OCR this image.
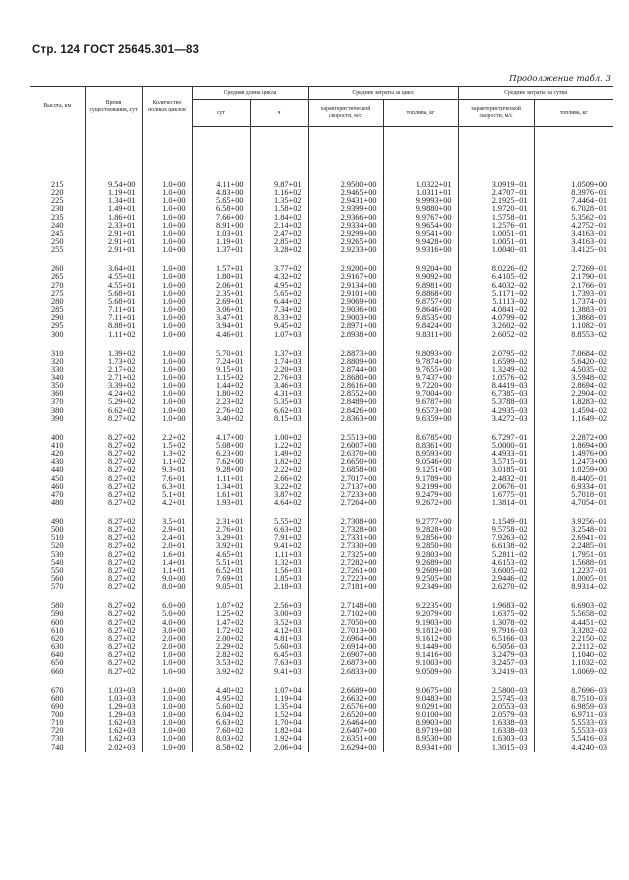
Стр. 124 ГОСТ 25645.301—83
Продолжение табл. 3
Высота, км	Время существования, сут	Количество полных циклов	Средняя длина цикла		Средние затраты за цикл		Средние затраты за сутки	
			сут	ч	характеристической скорости, м/с	топлива, кг	характеристической скорости, м/с	топлива, кг

215	9.54+00	1.0+00	4.11+00	9.87+01	2.9500+00	1.0322+01	3.0919−01	1.0509+00
220	1.19+01	1.0+00	4.83+00	1.16+02	2.9465+00	1.0311+01	2.4707−01	8.3976−01
225	1.34+01	1.0+00	5.65+00	1.35+02	2.9431+00	9.9993+00	2.1925−01	7.4464−01
230	1.49+01	1.0+00	6.58+00	1.58+02	2.9399+00	9.9880+00	1.9720−01	6.7028−01
235	1.86+01	1.0+00	7.66+00	1.84+02	2.9366+00	9.9767+00	1.5758−01	5.3562−01
240	2.33+01	1.0+00	8.91+00	2.14+02	2.9334+00	9.9654+00	1.2576−01	4.2752−01
245	2.91+01	1.0+00	1.03+01	2.47+02	2.9299+00	9.9541+00	1.0051−01	3.4163−01
250	2.91+01	1.0+00	1.19+01	2.85+02	2.9265+00	9.9428+00	1.0051−01	3.4163−01
255	2.91+01	1.0+00	1.37+01	3.28+02	2.9233+00	9.9316+00	1.0040−01	3.4125−01

260	3.64+01	1.0+00	1.57+01	3.77+02	2.9200+00	9.9204+00	8.0226−02	2.7269−01
265	4.55+01	1.0+00	1.80+01	4.32+02	2.9167+00	9.9092+00	6.4105−02	2.1790−01
270	4.55+01	1.0+00	2.06+01	4.95+02	2.9134+00	9.8981+00	6.4032−02	2.1766−01
275	5.68+01	1.0+00	2.35+01	5.65+02	2.9101+00	9.8868+00	5.1171−02	1.7393−01
280	5.68+01	1.0+00	2.69+01	6.44+02	2.9069+00	9.8757+00	5.1113−02	1.7374−01
285	7.11+01	1.0+00	3.06+01	7.34+02	2.9036+00	9.8646+00	4.0841−02	1.3883−01
290	7.11+01	1.0+00	3.47+01	8.33+02	2.9003+00	9.8535+00	4.0799−02	1.3868−01
295	8.88+01	1.0+00	3.94+01	9.45+02	2.8971+00	9.8424+00	3.2602−02	1.1082−01
300	1.11+02	1.0+00	4.46+01	1.07+03	2.8938+00	9.8311+00	2.6052−02	8.8553−02

310	1.39+02	1.0+00	5.70+01	1.37+03	2.8873+00	9.8093+00	2.0795−02	7.0684−02
320	1.73+02	1.0+00	7.24+01	1.74+03	2.8809+00	9.7874+00	1.6599−02	5.6420−02
330	2.17+02	1.0+00	9.15+01	2.20+03	2.8744+00	9.7655+00	1.3249−02	4.5035−02
340	2.71+02	1.0+00	1.15+02	2.76+03	2.8680+00	9.7437+00	1.0576−02	3.5948−02
350	3.39+02	1.0+00	1.44+02	3.46+03	2.8616+00	9.7220+00	8.4419−03	2.8694−02
360	4.24+02	1.0+00	1.80+02	4.31+03	2.8552+00	9.7004+00	6.7385−03	2.2904−02
370	5.29+02	1.0+00	2.23+02	5.35+03	2.8489+00	9.6787+00	5.3788−03	1.8283−02
380	6.62+02	1.0+00	2.76+02	6.62+03	2.8426+00	9.6573+00	4.2935−03	1.4594−02
390	8.27+02	1.0+00	3.40+02	8.15+03	2.8363+00	9.6359+00	3.4272−03	1.1649−02

400	8.27+02	2.2+02	4.17+00	1.00+02	2.5513+00	8.6785+00	6.7297−01	2.2872+00
410	8.27+02	1.5+02	5.08+00	1.22+02	2.6007+00	8.8361+00	5.0000−01	1.8694+00
420	8.27+02	1.3+02	6.23+00	1.49+02	2.6370+00	8.9593+00	4.4933−01	1.4976+00
430	8.27+02	1.1+02	7.62+00	1.82+02	2.6650+00	9.0546+00	3.5715−01	1.2473+00
440	8.27+02	9.3+01	9.28+00	2.22+02	2.6858+00	9.1251+00	3.0185−01	1.0259+00
450	8.27+02	7.6+01	1.11+01	2.66+02	2.7017+00	9.1789+00	2.4832−01	8.4405−01
460	8.27+02	6.3+01	1.34+01	3.22+02	2.7137+00	9.2199+00	2.0676−01	6.9334−01
470	8.27+02	5.1+01	1.61+01	3.87+02	2.7233+00	9.2479+00	1.6775−01	5.7018−01
480	8.27+02	4.2+01	1.93+01	4.64+02	2.7264+00	9.2672+00	1.3814−01	4.7054−01

490	8.27+02	3.5+01	2.31+01	5.55+02	2.7308+00	9.2777+00	1.1549−01	3.9256−01
500	8.27+02	2.9+01	2.76+01	6.63+02	2.7328+00	9.2828+00	9.5758−02	3.2548−01
510	8.27+02	2.4+01	3.29+01	7.91+02	2.7331+00	9.2856+00	7.9263−02	2.6941−01
520	8.27+02	2.0+01	3.92+01	9.41+02	2.7330+00	9.2850+00	6.6138−02	2.2485−01
530	8.27+02	1.6+01	4.65+01	1.11+03	2.7325+00	9.2803+00	5.2811−02	1.7951−01
540	8.27+02	1.4+01	5.51+01	1.32+03	2.7282+00	9.2689+00	4.6153−02	1.5688−01
550	8.27+02	1.1+01	6.52+01	1.56+03	2.7261+00	9.2609+00	3.6005−02	1.2237−01
560	8.27+02	9.0+00	7.69+01	1.85+03	2.7223+00	9.2505+00	2.9446−02	1.0005−01
570	8.27+02	8.0+00	9.05+01	2.18+03	2.7181+00	9.2349+00	2.6270−02	8.9314−02

580	8.27+02	6.0+00	1.07+02	2.56+03	2.7148+00	9.2235+00	1.9683−02	6.6903−02
590	8.27+02	5.0+00	1.25+02	3.00+03	2.7102+00	9.2079+00	1.6375−02	5.5658−02
600	8.27+02	4.0+00	1.47+02	3.52+03	2.7050+00	9.1903+00	1.3078−02	4.4451−02
610	8.27+02	3.0+00	1.72+02	4.12+03	2.7013+00	9.1812+00	9.7916−03	3.3282−02
620	8.27+02	2.0+00	2.00+02	4.81+03	2.6964+00	9.1612+00	6.5166−03	2.2150−02
630	8.27+02	2.0+00	2.29+02	5.60+03	2.6914+00	9.1449+00	6.5056−03	2.2112−02
640	8.27+02	1.0+00	2.82+02	6.45+03	2.6907+00	9.1416+00	3.2479−03	1.1040−02
650	8.27+02	1.0+00	3.53+02	7.63+03	2.6873+00	9.1003+00	3.2457−03	1.1032−02
660	8.27+02	1.0+00	3.92+02	9.41+03	2.6833+00	9.0509+00	3.2419−03	1.0069−02

670	1.03+03	1.0+00	4.40+02	1.07+04	2.6689+00	9.0675+00	2.5800−03	8.7696−03
680	1.03+03	1.0+00	4.95+02	1.19+04	2.6632+00	9.0483+00	2.5745−03	8.7510−03
690	1.29+03	1.0+00	5.60+02	1.35+04	2.6576+00	9.0291+00	2.0553−03	6.9859−03
700	1.29+03	1.0+00	6.04+02	1.52+04	2.6520+00	9.0100+00	2.0579−03	6.9711−03
710	1.62+03	1.0+00	6.63+02	1.70+04	2.6464+00	8.9903+00	1.6338−03	5.5533−03
720	1.62+03	1.0+00	7.60+02	1.82+04	2.6407+00	8.9719+00	1.6338−03	5.5533−03
730	1.62+03	1.0+00	8.03+02	1.92+04	2.6351+00	8.9530+00	1.6303−03	5.5416−03
740	2.02+03	1.0+00	8.58+02	2.06+04	2.6294+00	8.9341+00	1.3015−03	4.4240−03
